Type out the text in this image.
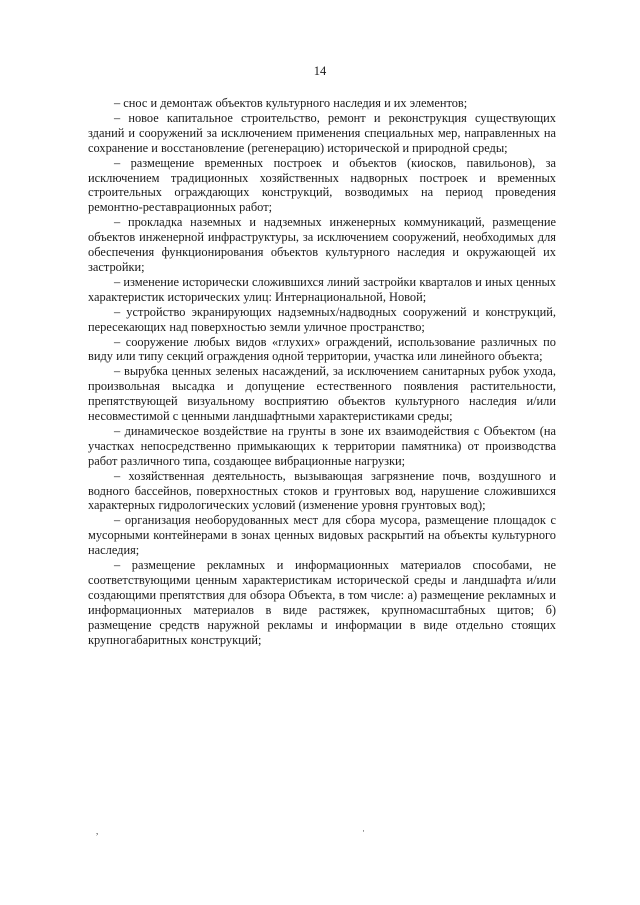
14

– снос и демонтаж объектов культурного наследия и их элементов;

– новое капитальное строительство, ремонт и реконструкция существующих зданий и сооружений за исключением применения специальных мер, направленных на сохранение и восстановление (регенерацию) исторической и природной среды;

– размещение временных построек и объектов (киосков, павильонов), за исключением традиционных хозяйственных надворных построек и временных строительных ограждающих конструкций, возводимых на период проведения ремонтно-реставрационных работ;

– прокладка наземных и надземных инженерных коммуникаций, размещение объектов инженерной инфраструктуры, за исключением сооружений, необходимых для обеспечения функционирования объектов культурного наследия и окружающей их застройки;

– изменение исторически сложившихся линий застройки кварталов и иных ценных характеристик исторических улиц: Интернациональной, Новой;

– устройство экранирующих надземных/надводных сооружений и конструкций, пересекающих над поверхностью земли уличное пространство;

– сооружение любых видов «глухих» ограждений, использование различных по виду или типу секций ограждения одной территории, участка или линейного объекта;

– вырубка ценных зеленых насаждений, за исключением санитарных рубок ухода, произвольная высадка и допущение естественного появления растительности, препятствующей визуальному восприятию объектов культурного наследия и/или несовместимой с ценными ландшафтными характеристиками среды;

– динамическое воздействие на грунты в зоне их взаимодействия с Объектом (на участках непосредственно примыкающих к территории памятника) от производства работ различного типа, создающее вибрационные нагрузки;

– хозяйственная деятельность, вызывающая загрязнение почв, воздушного и водного бассейнов, поверхностных стоков и грунтовых вод, нарушение сложившихся характерных гидрологических условий (изменение уровня грунтовых вод);

– организация необорудованных мест для сбора мусора, размещение площадок с мусорными контейнерами в зонах ценных видовых раскрытий на объекты культурного наследия;

– размещение рекламных и информационных материалов способами, не соответствующими ценным характеристикам исторической среды и ландшафта и/или создающими препятствия для обзора Объекта, в том числе: а) размещение рекламных и информационных материалов в виде растяжек, крупномасштабных щитов; б) размещение средств наружной рекламы и информации в виде отдельно стоящих крупногабаритных конструкций;

,	·
